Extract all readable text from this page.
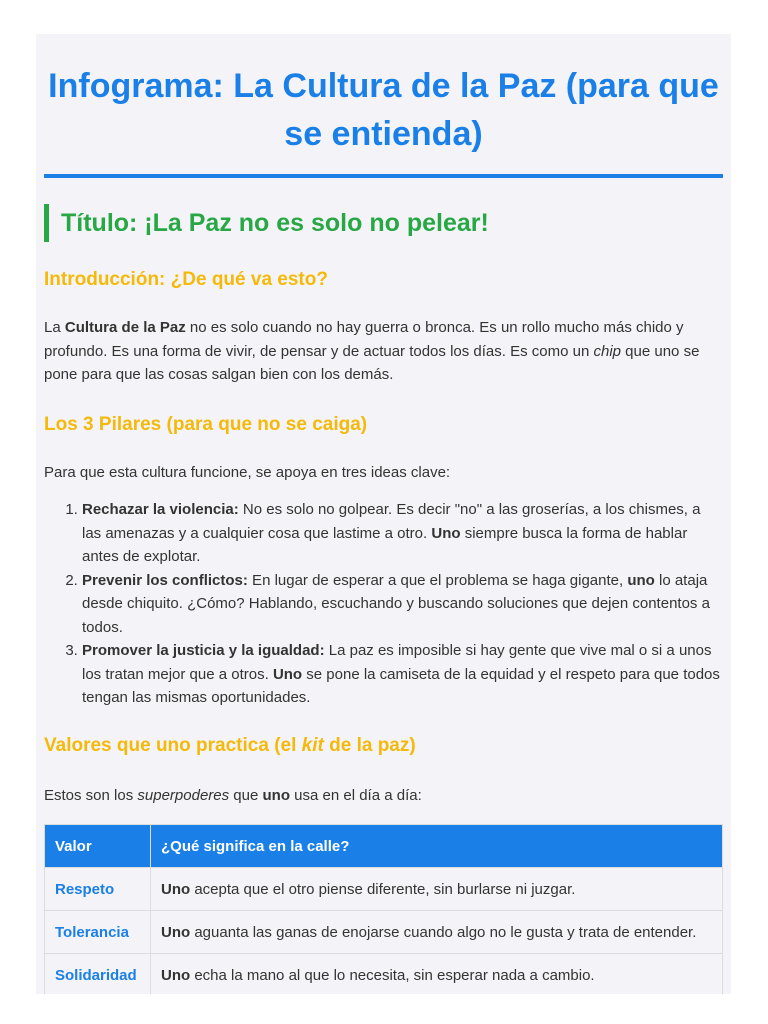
Infograma: La Cultura de la Paz (para que se entienda)
Título: ¡La Paz no es solo no pelear!
Introducción: ¿De qué va esto?

La Cultura de la Paz no es solo cuando no hay guerra o bronca. Es un rollo mucho más chido y profundo. Es una forma de vivir, de pensar y de actuar todos los días. Es como un chip que uno se pone para que las cosas salgan bien con los demás.

Los 3 Pilares (para que no se caiga)

Para que esta cultura funcione, se apoya en tres ideas clave:

1. Rechazar la violencia: No es solo no golpear. Es decir "no" a las groserías, a los chismes, a las amenazas y a cualquier cosa que lastime a otro. Uno siempre busca la forma de hablar antes de explotar.
2. Prevenir los conflictos: En lugar de esperar a que el problema se haga gigante, uno lo ataja desde chiquito. ¿Cómo? Hablando, escuchando y buscando soluciones que dejen contentos a todos.
3. Promover la justicia y la igualdad: La paz es imposible si hay gente que vive mal o si a unos los tratan mejor que a otros. Uno se pone la camiseta de la equidad y el respeto para que todos tengan las mismas oportunidades.
Valores que uno practica (el kit de la paz)

Estos son los superpoderes que uno usa en el día a día:

Valor	¿Qué significa en la calle?
Respeto	Uno acepta que el otro piense diferente, sin burlarse ni juzgar.
Tolerancia	Uno aguanta las ganas de enojarse cuando algo no le gusta y trata de entender.
Solidaridad	Uno echa la mano al que lo necesita, sin esperar nada a cambio.
